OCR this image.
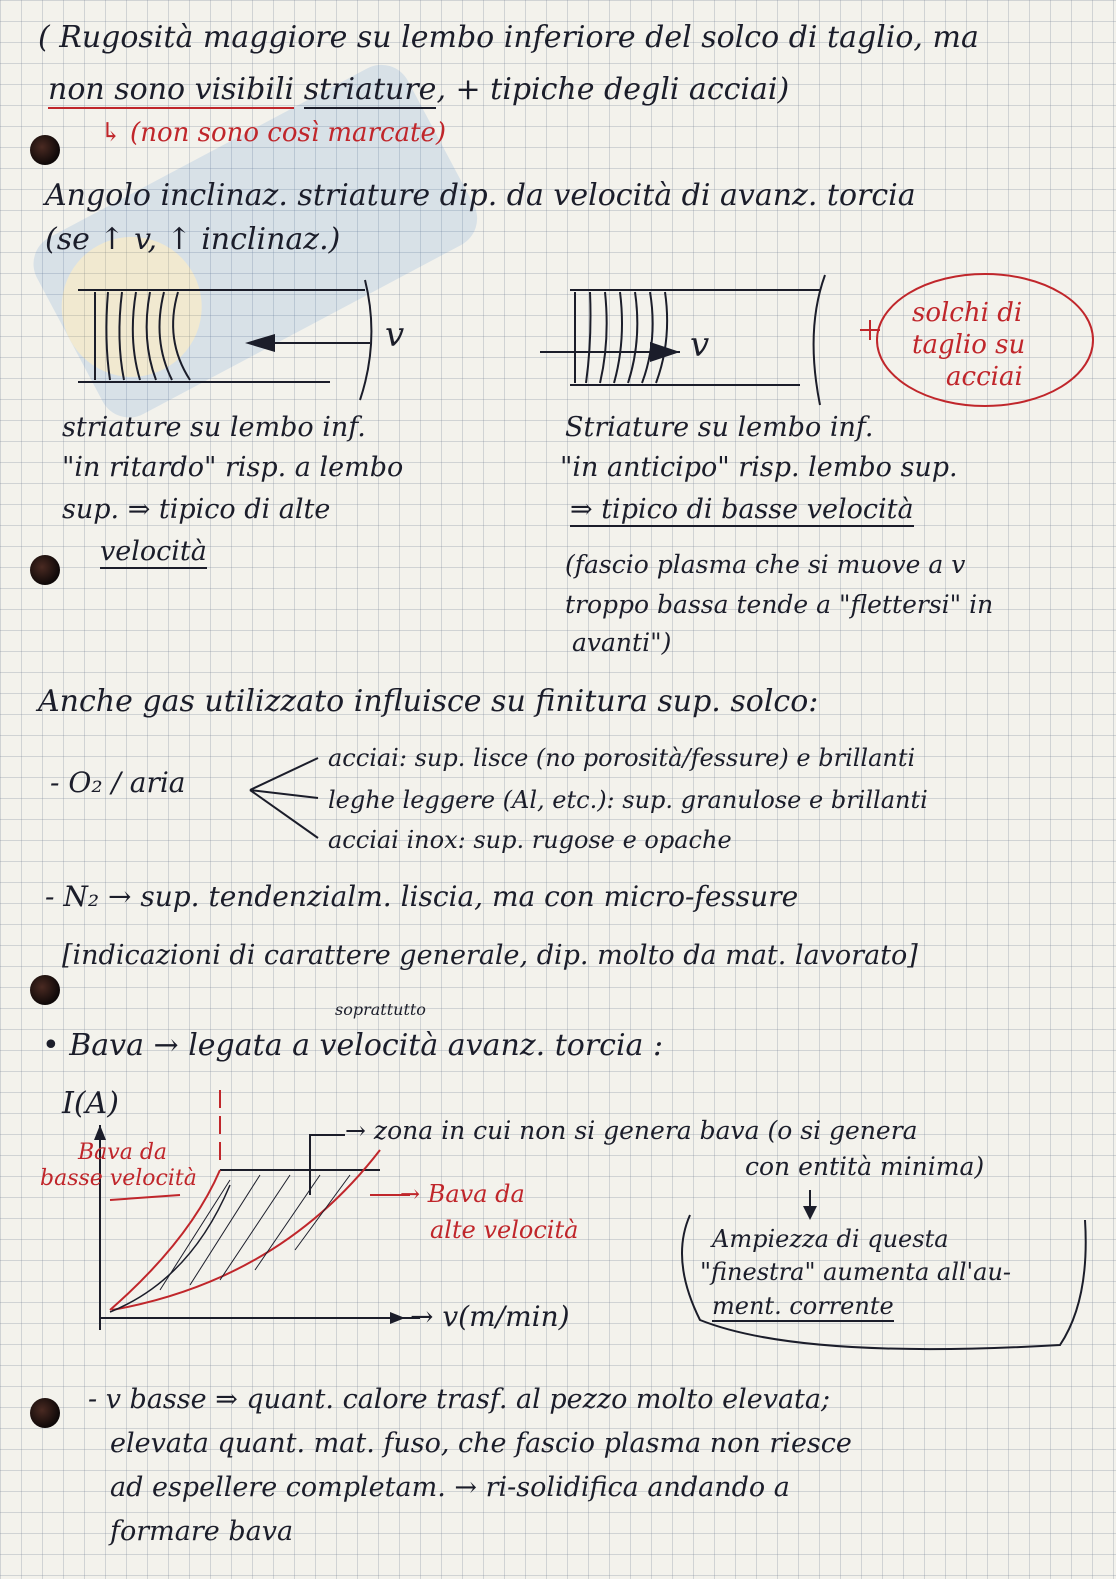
( Rugosità maggiore su lembo inferiore del solco di taglio, ma
non sono visibili striature, + tipiche degli acciai)
↳ (non sono così marcate)
Angolo inclinaz. striature dip. da velocità di avanz. torcia
(se ↑ v, ↑ inclinaz.)
v	v
solchi di
taglio su
acciai
striature su lembo inf.
"in ritardo" risp. a lembo
sup. ⇒ tipico di alte
velocità
Striature su lembo inf.
"in anticipo" risp. lembo sup.
⇒ tipico di basse velocità
(fascio plasma che si muove a v
troppo bassa tende a "flettersi" in
avanti")
Anche gas utilizzato influisce su finitura sup. solco:
- O₂ / aria
acciai: sup. lisce (no porosità/fessure) e brillanti
leghe leggere (Al, etc.): sup. granulose e brillanti
acciai inox: sup. rugose e opache
- N₂ → sup. tendenzialm. liscia, ma con micro-fessure
[indicazioni di carattere generale, dip. molto da mat. lavorato]
soprattutto
• Bava → legata a velocità avanz. torcia :
I(A)
→ v(m/min)
Bava da
basse velocità
→ Bava da
alte velocità
→ zona in cui non si genera bava (o si genera
con entità minima)
Ampiezza di questa
"finestra" aumenta all'au-
ment. corrente
- v basse ⇒ quant. calore trasf. al pezzo molto elevata;
elevata quant. mat. fuso, che fascio plasma non riesce
ad espellere completam. → ri-solidifica andando a
formare bava
